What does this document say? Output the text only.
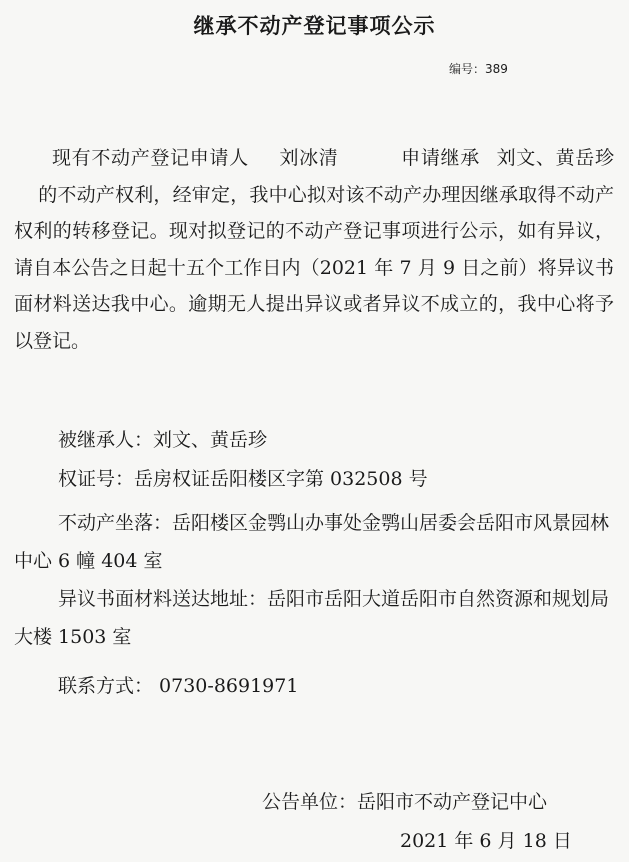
继承不动产登记事项公示
编号：389

现有不动产登记申请人 刘冰清	申请继承 刘文、黄岳珍的不动产权利，经审定，我中心拟对该不动产办理因继承取得不动产权利的转移登记。现对拟登记的不动产登记事项进行公示，如有异议，请自本公告之日起十五个工作日内（2021 年 7 月 9 日之前）将异议书面材料送达我中心。逾期无人提出异议或者异议不成立的，我中心将予以登记。

被继承人：刘文、黄岳珍

权证号：岳房权证岳阳楼区字第 032508 号

不动产坐落：岳阳楼区金鹗山办事处金鹗山居委会岳阳市风景园林中心 6 幢 404 室

异议书面材料送达地址：岳阳市岳阳大道岳阳市自然资源和规划局大楼 1503 室

联系方式： 0730-8691971

公告单位：岳阳市不动产登记中心
2021 年 6 月 18 日
